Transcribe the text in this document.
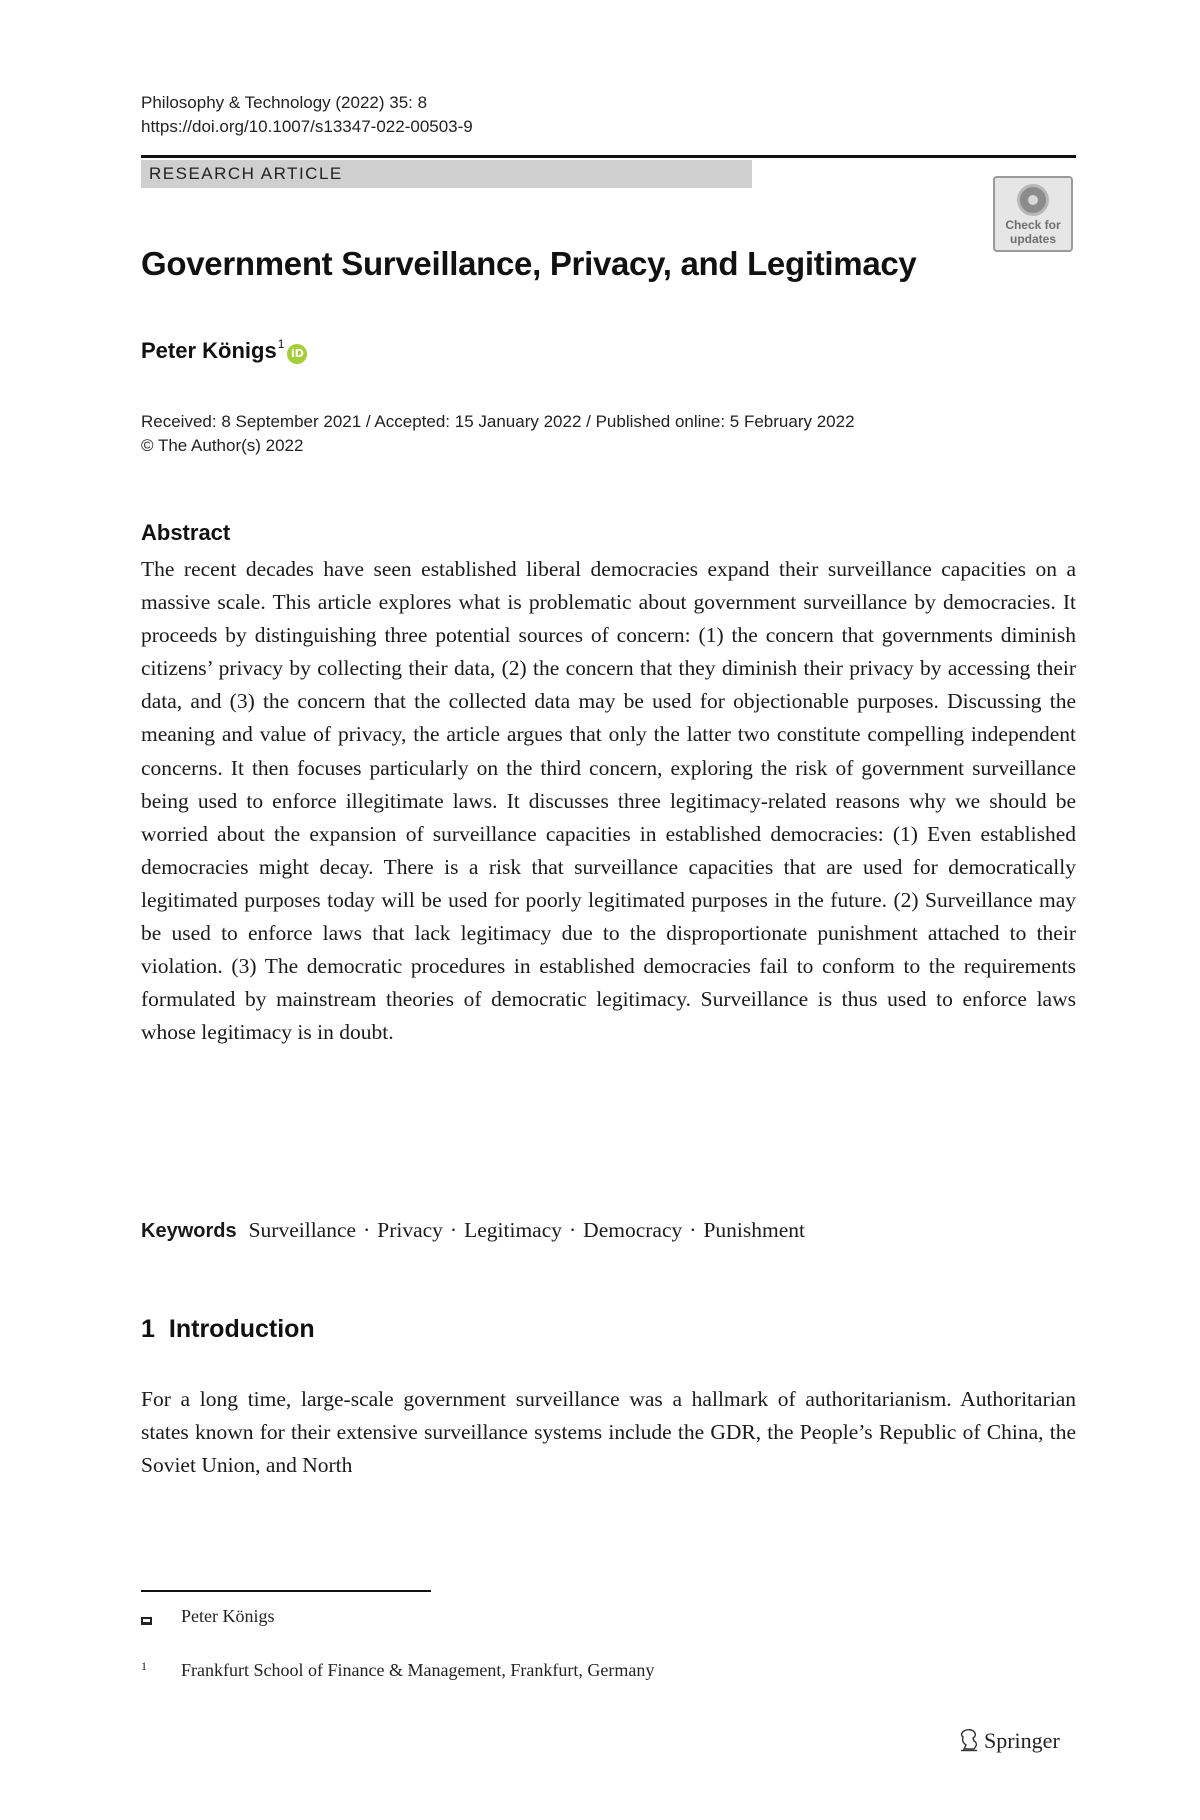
Philosophy & Technology (2022) 35: 8
https://doi.org/10.1007/s13347-022-00503-9
RESEARCH ARTICLE
Check for updates
Government Surveillance, Privacy, and Legitimacy
Peter Königs$^1$iD
Received: 8 September 2021 / Accepted: 15 January 2022 / Published online: 5 February 2022
© The Author(s) 2022
Abstract

The recent decades have seen established liberal democracies expand their surveillance capacities on a massive scale. This article explores what is problematic about government surveillance by democracies. It proceeds by distinguishing three potential sources of concern: (1) the concern that governments diminish citizens’ privacy by collecting their data, (2) the concern that they diminish their privacy by accessing their data, and (3) the concern that the collected data may be used for objectionable purposes. Discussing the meaning and value of privacy, the article argues that only the latter two constitute compelling independent concerns. It then focuses particularly on the third concern, exploring the risk of government surveillance being used to enforce illegitimate laws. It discusses three legitimacy-related reasons why we should be worried about the expansion of surveillance capacities in established democracies: (1) Even established democracies might decay. There is a risk that surveillance capacities that are used for democratically legitimated purposes today will be used for poorly legitimated purposes in the future. (2) Surveillance may be used to enforce laws that lack legitimacy due to the disproportionate punishment attached to their violation. (3) The democratic procedures in established democracies fail to conform to the requirements formulated by mainstream theories of democratic legitimacy. Surveillance is thus used to enforce laws whose legitimacy is in doubt.

Keywords Surveillance · Privacy · Legitimacy · Democracy · Punishment
1 Introduction

For a long time, large-scale government surveillance was a hallmark of authoritarianism. Authoritarian states known for their extensive surveillance systems include the GDR, the People’s Republic of China, the Soviet Union, and North

Peter Königs
$^1$ Frankfurt School of Finance & Management, Frankfurt, Germany
Springer
